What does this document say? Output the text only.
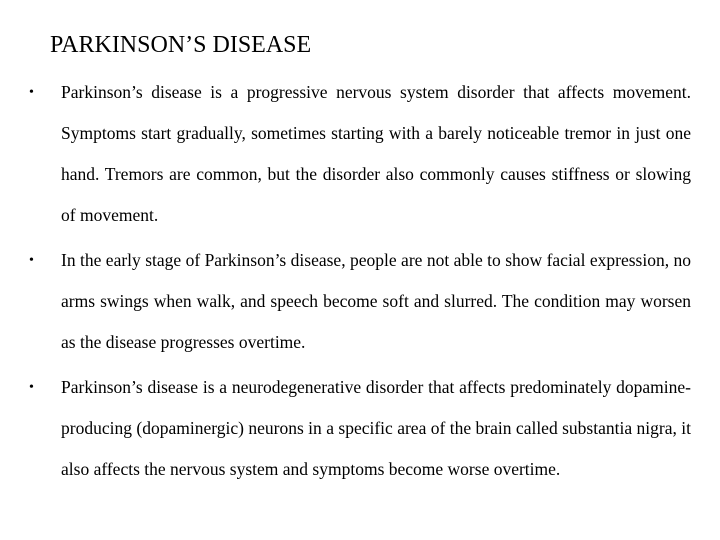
PARKINSON’S DISEASE
• Parkinson’s disease is a progressive nervous system disorder that affects movement. Symptoms start gradually, sometimes starting with a barely noticeable tremor in just one hand. Tremors are common, but the disorder also commonly causes stiffness or slowing of movement.

• In the early stage of Parkinson’s disease, people are not able to show facial expression, no arms swings when walk, and speech become soft and slurred. The condition may worsen as the disease progresses overtime.

• Parkinson’s disease is a neurodegenerative disorder that affects predominately dopamine-producing (dopaminergic) neurons in a specific area of the brain called substantia nigra, it also affects the nervous system and symptoms become worse overtime.
